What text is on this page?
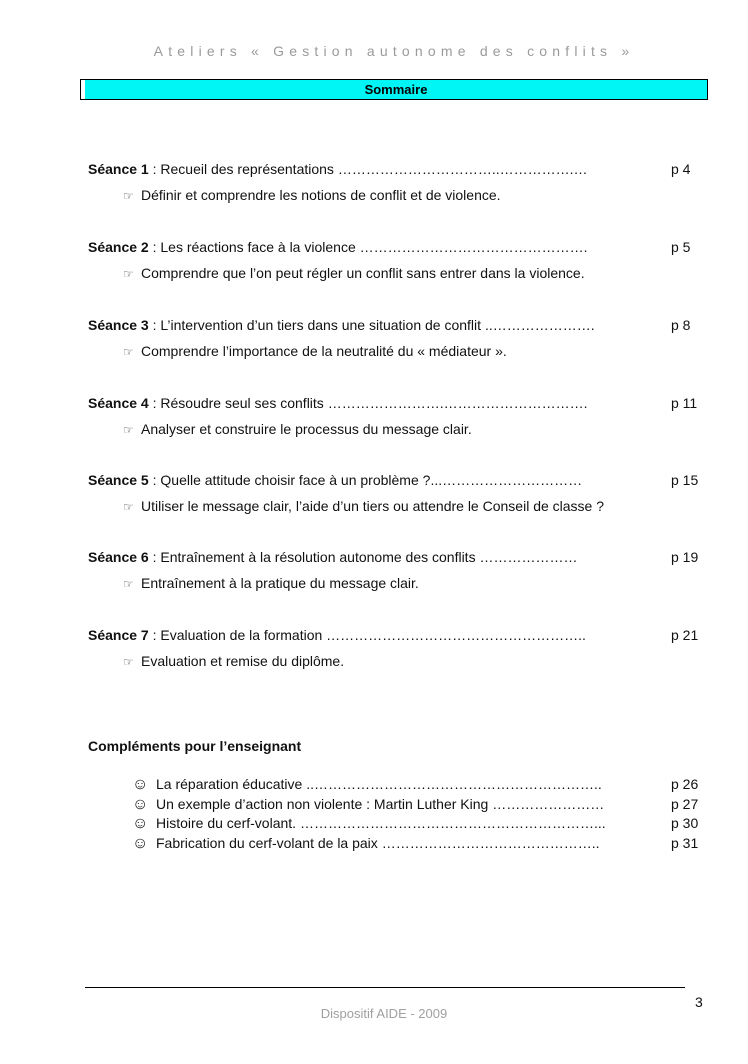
Ateliers « Gestion autonome des conflits »
Sommaire
Séance 1 : Recueil des représentations ……………………………..…………….…	p 4
☞ Définir et comprendre les notions de conflit et de violence.
Séance 2 : Les réactions face à la violence ………………………………………….	p 5
☞ Comprendre que l’on peut régler un conflit sans entrer dans la violence.
Séance 3 : L’intervention d’un tiers dans une situation de conflit ..………………….	p 8
☞ Comprendre l’importance de la neutralité du « médiateur ».
Séance 4 : Résoudre seul ses conflits …………………….………………………….	p 11
☞ Analyser et construire le processus du message clair.
Séance 5 : Quelle attitude choisir face à un problème ?...…………………………	p 15
☞ Utiliser le message clair, l’aide d’un tiers ou attendre le Conseil de classe ?
Séance 6 : Entraînement à la résolution autonome des conflits …………………	p 19
☞ Entraînement à la pratique du message clair.
Séance 7 : Evaluation de la formation ………………………………………………..	p 21
☞ Evaluation et remise du diplôme.
Compléments pour l’enseignant
☺ La réparation éducative ..……………………………………………………..	p 26
☺ Un exemple d’action non violente : Martin Luther King ……………………	p 27
☺ Histoire du cerf-volant. ………………………………………………………...	p 30
☺ Fabrication du cerf-volant de la paix ………………………………………..	p 31
3
Dispositif AIDE - 2009
